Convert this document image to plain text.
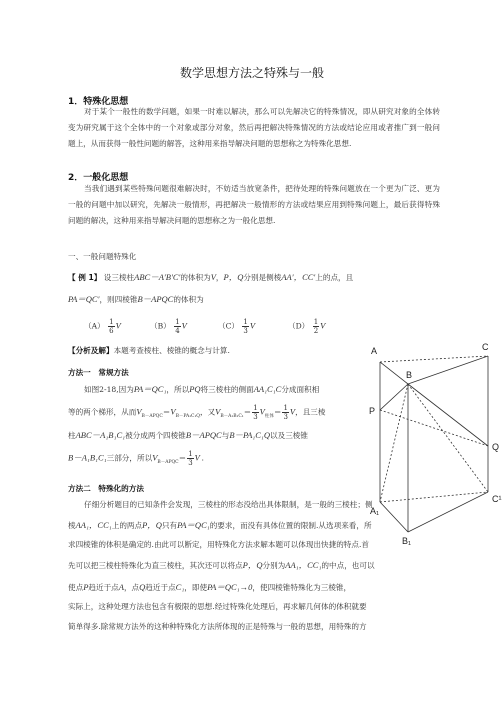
数学思想方法之特殊与一般
1．特殊化思想
对于某个一般性的数学问题，如果一时难以解决，那么可以先解决它的特殊情况，即从研究对象的全体转变为研究属于这个全体中的一个对象或部分对象，然后再把解决特殊情况的方法或结论应用或者推广到一般问题上，从而获得一般性问题的解答，这种用来指导解决问题的思想称之为特殊化思想.
2．一般化思想
当我们遇到某些特殊问题很难解决时，不妨适当放宽条件，把待处理的特殊问题放在一个更为广泛、更为一般的问题中加以研究，先解决一般情形，再把解决一般情形的方法或结果应用到特殊问题上，最后获得特殊问题的解决，这种用来指导解决问题的思想称之为一般化思想.
一、一般问题特殊化
【 例 1】 设三棱柱ABC－A′B′C′的体积为V，P，Q分别是侧棱AA′，CC′上的点，且
PA＝QC′，则四棱锥B－APQC的体积为
$(A) \frac{1}{6}$ V	$(B) \frac{1}{4}$ V	$(C) \frac{1}{3}$ V	$(D) \frac{1}{2}$ V
【分析及解】本题考查棱柱、棱锥的概念与计算.
方法一　常规方法
如图2-18,因为PA＝QC₁，所以PQ将三棱柱的侧面AA₁C₁C分成面积相
等的两个梯形，从而$V_{B-APQC}=V_{B-PA_1C_1Q}$，又$V_{B-A_1B_1C_1}= \frac{1}{3} V_{柱体}= \frac{1}{3}$ V，且三棱
柱ABC－A₁B₁C₁被分成两个四棱锥B－APQC与B－PA₁C₁Q以及三棱锥
B－A₁B₁C₁三部分，所以$V_{B-APQC}= \frac{1}{3}$ V .
方法二　特殊化的方法
仔细分析题目的已知条件会发现，三棱柱的形态没给出具体限制，是一般的三棱柱；侧
棱AA₁，CC₁上的两点P，Q只有PA＝QC₁的要求，而没有具体位置的限制.从选项来看，所
求四棱锥的体积是确定的.由此可以断定，用特殊化方法求解本题可以体现出快捷的特点.首
先可以把三棱柱特殊化为直三棱柱，其次还可以将点P，Q分别为AA₁，CC₁的中点，也可以
使点P趋近于点A，点Q趋近于点C₁，即使PA＝QC₁→0，使四棱锥特殊化为三棱锥，
实际上，这种处理方法也包含有极限的思想.经过特殊化处理后，再求解几何体的体积就要
简单得多.除常规方法外的这种种特殊化方法所体现的正是特殊与一般的思想，用特殊的方
A	C
B
P
Q
A₁
C¹
B₁
